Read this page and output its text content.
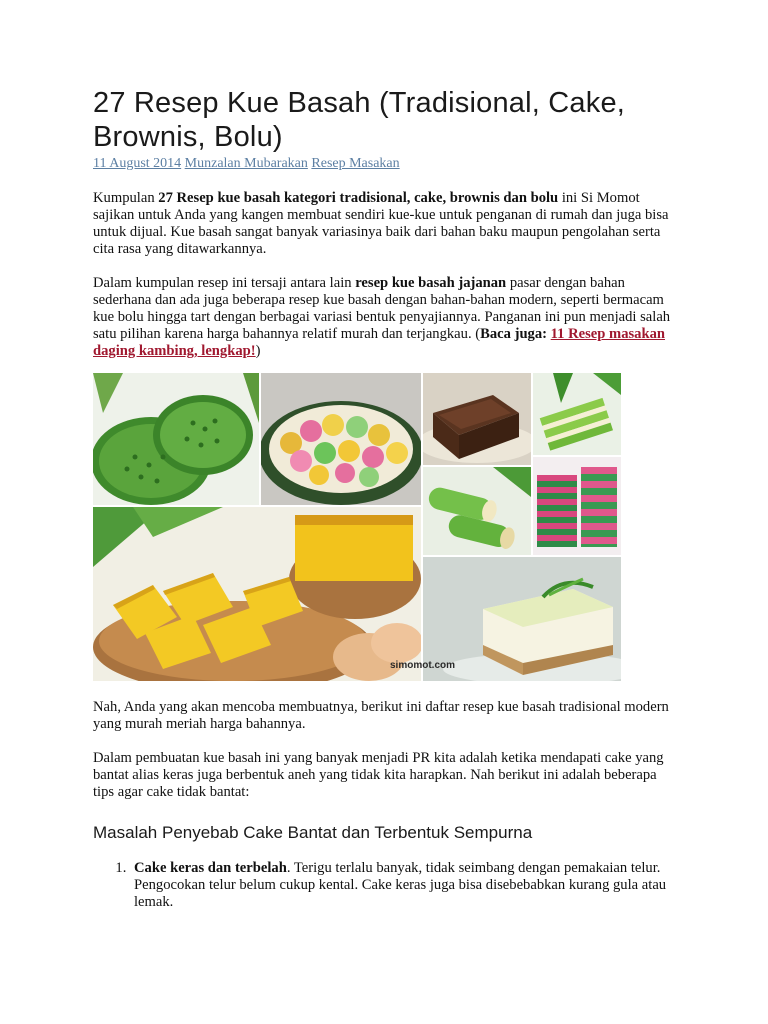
27 Resep Kue Basah (Tradisional, Cake, Brownis, Bolu)
11 August 2014 Munzalan Mubarakan Resep Masakan

Kumpulan 27 Resep kue basah kategori tradisional, cake, brownis dan bolu ini Si Momot sajikan untuk Anda yang kangen membuat sendiri kue-kue untuk penganan di rumah dan juga bisa untuk dijual. Kue basah sangat banyak variasinya baik dari bahan baku maupun pengolahan serta cita rasa yang ditawarkannya.

Dalam kumpulan resep ini tersaji antara lain resep kue basah jajanan pasar dengan bahan sederhana dan ada juga beberapa resep kue basah dengan bahan-bahan modern, seperti bermacam kue bolu hingga tart dengan berbagai variasi bentuk penyajiannya. Panganan ini pun menjadi salah satu pilihan karena harga bahannya relatif murah dan terjangkau. (Baca juga: 11 Resep masakan daging kambing, lengkap!)

simomot.com

Nah, Anda yang akan mencoba membuatnya, berikut ini daftar resep kue basah tradisional modern yang murah meriah harga bahannya.

Dalam pembuatan kue basah ini yang banyak menjadi PR kita adalah ketika mendapati cake yang bantat alias keras juga berbentuk aneh yang tidak kita harapkan. Nah berikut ini adalah beberapa tips agar cake tidak bantat:

Masalah Penyebab Cake Bantat dan Terbentuk Sempurna
1. Cake keras dan terbelah. Terigu terlalu banyak, tidak seimbang dengan pemakaian telur. Pengocokan telur belum cukup kental. Cake keras juga bisa disebebabkan kurang gula atau lemak.
